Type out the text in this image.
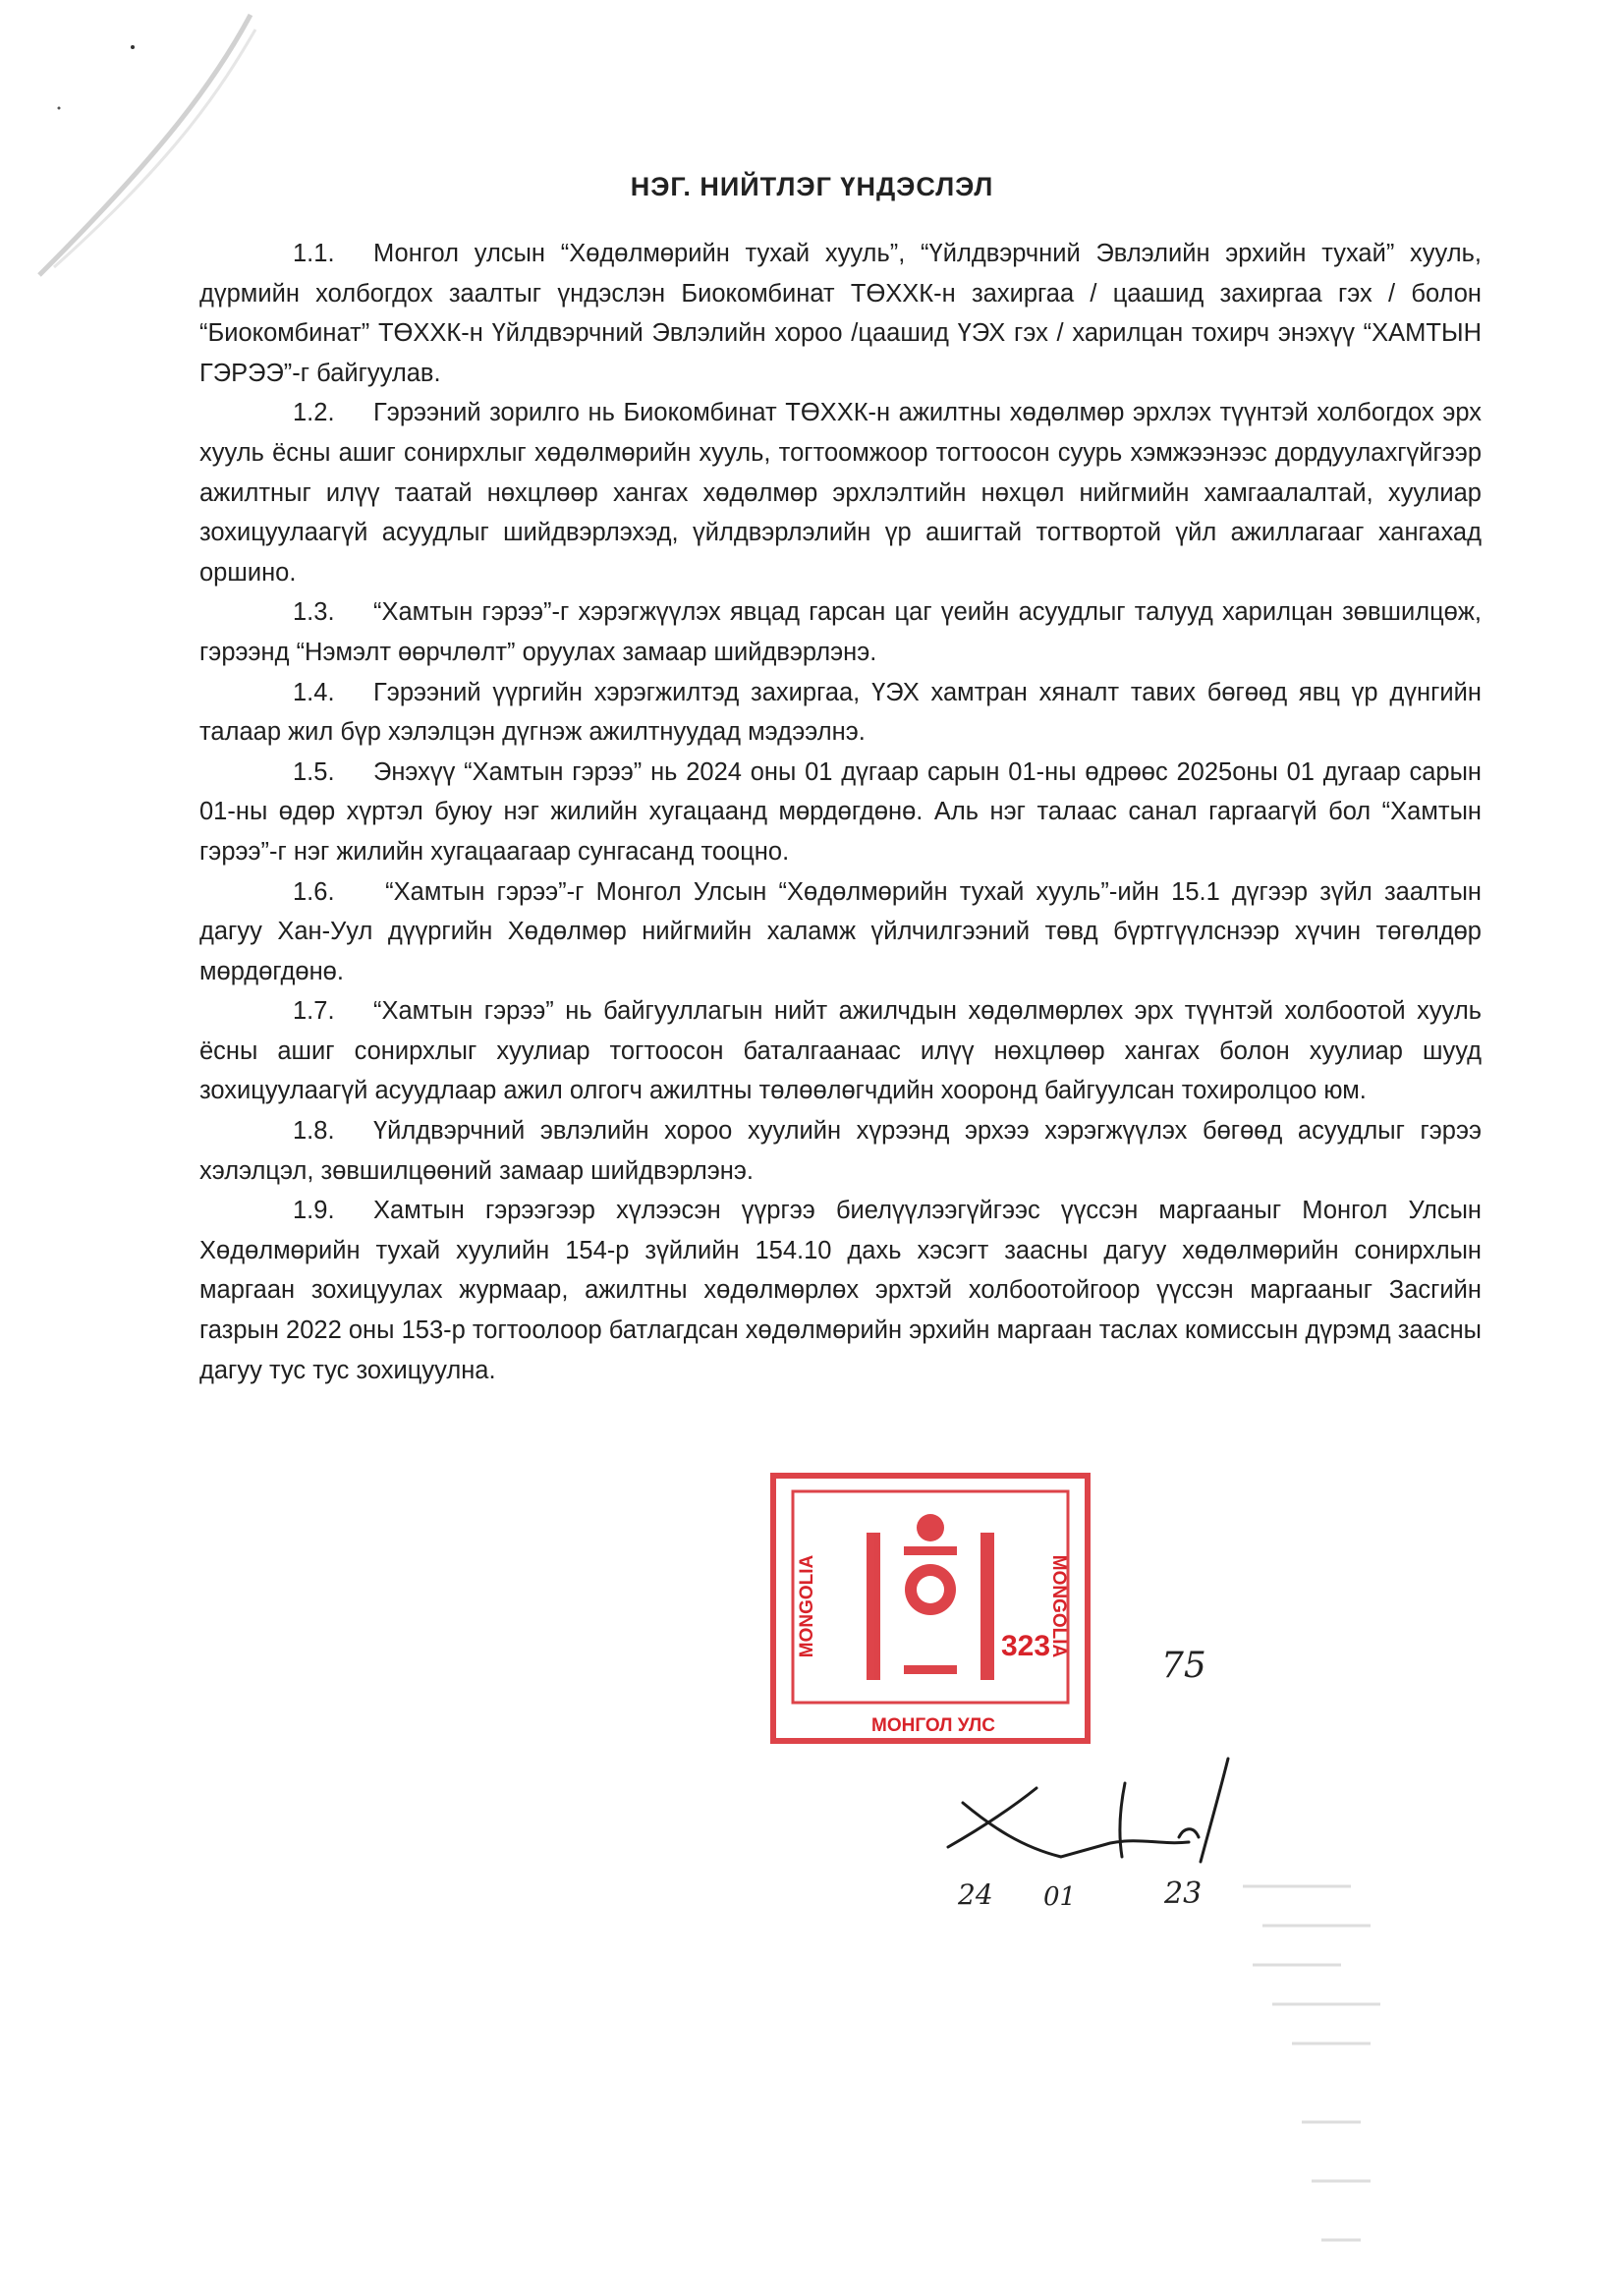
НЭГ. НИЙТЛЭГ ҮНДЭСЛЭЛ

1.1. Монгол улсын “Хөдөлмөрийн тухай хууль”, “Үйлдвэрчний Эвлэлийн эрхийн тухай” хууль, дүрмийн холбогдох заалтыг үндэслэн Биокомбинат ТӨХХК-н захиргаа / цаашид захиргаа гэх / болон “Биокомбинат” ТӨХХК-н Үйлдвэрчний Эвлэлийн хороо /цаашид ҮЭХ гэх / харилцан тохирч энэхүү “ХАМТЫН ГЭРЭЭ”-г байгуулав.

1.2. Гэрээний зорилго нь Биокомбинат ТӨХХК-н ажилтны хөдөлмөр эрхлэх түүнтэй холбогдох эрх хууль ёсны ашиг сонирхлыг хөдөлмөрийн хууль, тогтоомжоор тогтоосон суурь хэмжээнээс дордуулахгүйгээр ажилтныг илүү таатай нөхцлөөр хангах хөдөлмөр эрхлэлтийн нөхцөл нийгмийн хамгаалалтай, хуулиар зохицуулаагүй асуудлыг шийдвэрлэхэд, үйлдвэрлэлийн үр ашигтай тогтвортой үйл ажиллагааг хангахад оршино.

1.3. “Хамтын гэрээ”-г хэрэгжүүлэх явцад гарсан цаг үеийн асуудлыг талууд харилцан зөвшилцөж, гэрээнд “Нэмэлт өөрчлөлт” оруулах замаар шийдвэрлэнэ.

1.4. Гэрээний үүргийн хэрэгжилтэд захиргаа, ҮЭХ хамтран хяналт тавих бөгөөд явц үр дүнгийн талаар жил бүр хэлэлцэн дүгнэж ажилтнуудад мэдээлнэ.

1.5. Энэхүү “Хамтын гэрээ” нь 2024 оны 01 дүгаар сарын 01-ны өдрөөс 2025оны 01 дугаар сарын 01-ны өдөр хүртэл буюу нэг жилийн хугацаанд мөрдөгдөнө. Аль нэг талаас санал гаргаагүй бол “Хамтын гэрээ”-г нэг жилийн хугацаагаар сунгасанд тооцно.

1.6. “Хамтын гэрээ”-г Монгол Улсын “Хөдөлмөрийн тухай хууль”-ийн 15.1 дүгээр зүйл заалтын дагуу Хан-Уул дүүргийн Хөдөлмөр нийгмийн халамж үйлчилгээний төвд бүртгүүлснээр хүчин төгөлдөр мөрдөгдөнө.

1.7. “Хамтын гэрээ” нь байгууллагын нийт ажилчдын хөдөлмөрлөх эрх түүнтэй холбоотой хууль ёсны ашиг сонирхлыг хуулиар тогтоосон баталгаанаас илүү нөхцлөөр хангах болон хуулиар шууд зохицуулаагүй асуудлаар ажил олгогч ажилтны төлөөлөгчдийн хооронд байгуулсан тохиролцоо юм.

1.8. Үйлдвэрчний эвлэлийн хороо хуулийн хүрээнд эрхээ хэрэгжүүлэх бөгөөд асуудлыг гэрээ хэлэлцэл, зөвшилцөөний замаар шийдвэрлэнэ.

1.9. Хамтын гэрээгээр хүлээсэн үүргээ биелүүлээгүйгээс үүссэн маргааныг Монгол Улсын Хөдөлмөрийн тухай хуулийн 154-р зүйлийн 154.10 дахь хэсэгт заасны дагуу хөдөлмөрийн сонирхлын маргаан зохицуулах журмаар, ажилтны хөдөлмөрлөх эрхтэй холбоотойгоор үүссэн маргааныг Засгийн газрын 2022 оны 153-р тогтоолоор батлагдсан хөдөлмөрийн эрхийн маргаан таслах комиссын дүрэмд заасны дагуу тус тус зохицуулна.

MONGOLIA	MONGOLIA
МОНГОЛ УЛС
323	75
24 01	23
